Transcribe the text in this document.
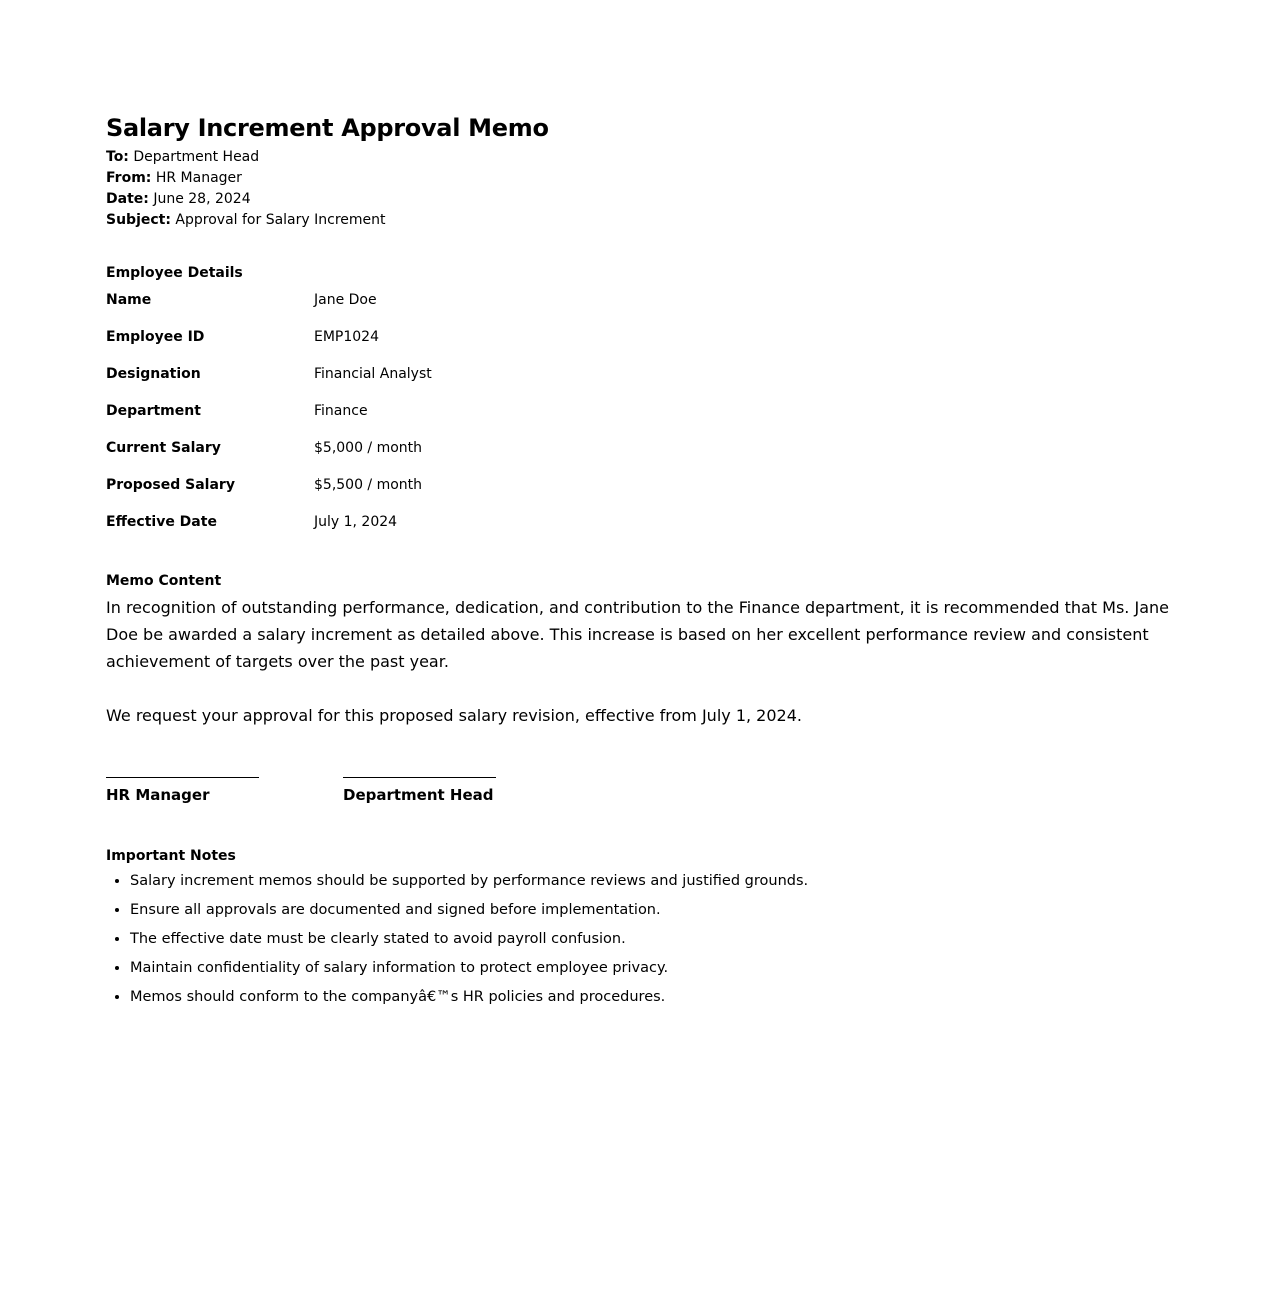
Salary Increment Approval Memo
To: Department Head
From: HR Manager
Date: June 28, 2024
Subject: Approval for Salary Increment
Employee Details
Name	Jane Doe
Employee ID	EMP1024
Designation	Financial Analyst
Department	Finance
Current Salary	$5,000 / month
Proposed Salary	$5,500 / month
Effective Date	July 1, 2024
Memo Content

In recognition of outstanding performance, dedication, and contribution to the Finance department, it is recommended that Ms. Jane Doe be awarded a salary increment as detailed above. This increase is based on her excellent performance review and consistent achievement of targets over the past year.

We request your approval for this proposed salary revision, effective from July 1, 2024.

HR Manager	Department Head
Important Notes
• Salary increment memos should be supported by performance reviews and justified grounds.
• Ensure all approvals are documented and signed before implementation.
• The effective date must be clearly stated to avoid payroll confusion.
• Maintain confidentiality of salary information to protect employee privacy.
• Memos should conform to the companyâ€™s HR policies and procedures.
